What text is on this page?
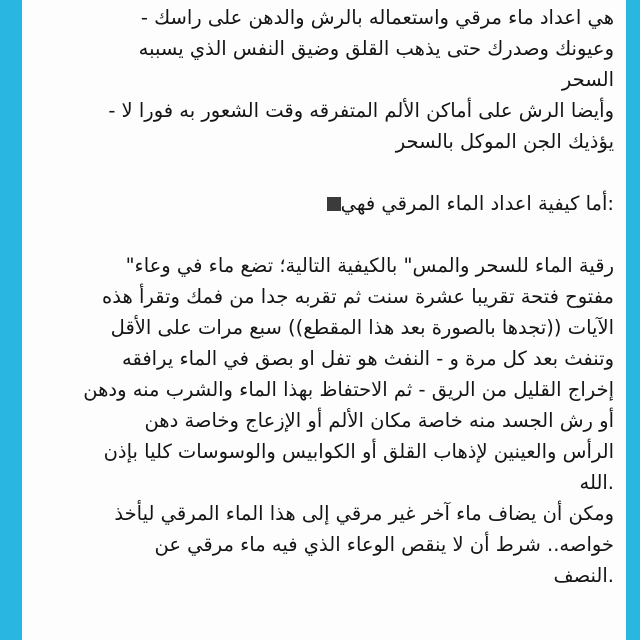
هي اعداد ماء مرقي واستعماله بالرش والدهن على راسك -
وعيونك وصدرك حتى يذهب القلق وضيق النفس الذي يسببه
السحر
وأيضا الرش على أماكن الألم المتفرقه وقت الشعور به فورا لا -
يؤذيك الجن الموكل بالسحر
:أما كيفية اعداد الماء المرقي فهي
رقية الماء للسحر والمس" بالكيفية التالية؛ تضع ماء في وعاء"
مفتوح فتحة تقريبا عشرة سنت ثم تقربه جدا من فمك وتقرأ هذه
الآيات ((تجدها بالصورة بعد هذا المقطع)) سبع مرات على الأقل
وتنفث بعد كل مرة و - النفث هو تفل او بصق في الماء يرافقه
إخراج القليل من الريق - ثم الاحتفاظ بهذا الماء والشرب منه ودهن
أو رش الجسد منه خاصة مكان الألم أو الإزعاج وخاصة دهن
الرأس والعينين لإذهاب القلق أو الكوابيس والوسوسات كليا بإذن
.الله
ومكن أن يضاف ماء آخر غير مرقي إلى هذا الماء المرقي ليأخذ
خواصه.. شرط أن لا ينقص الوعاء الذي فيه ماء مرقي عن
.النصف
